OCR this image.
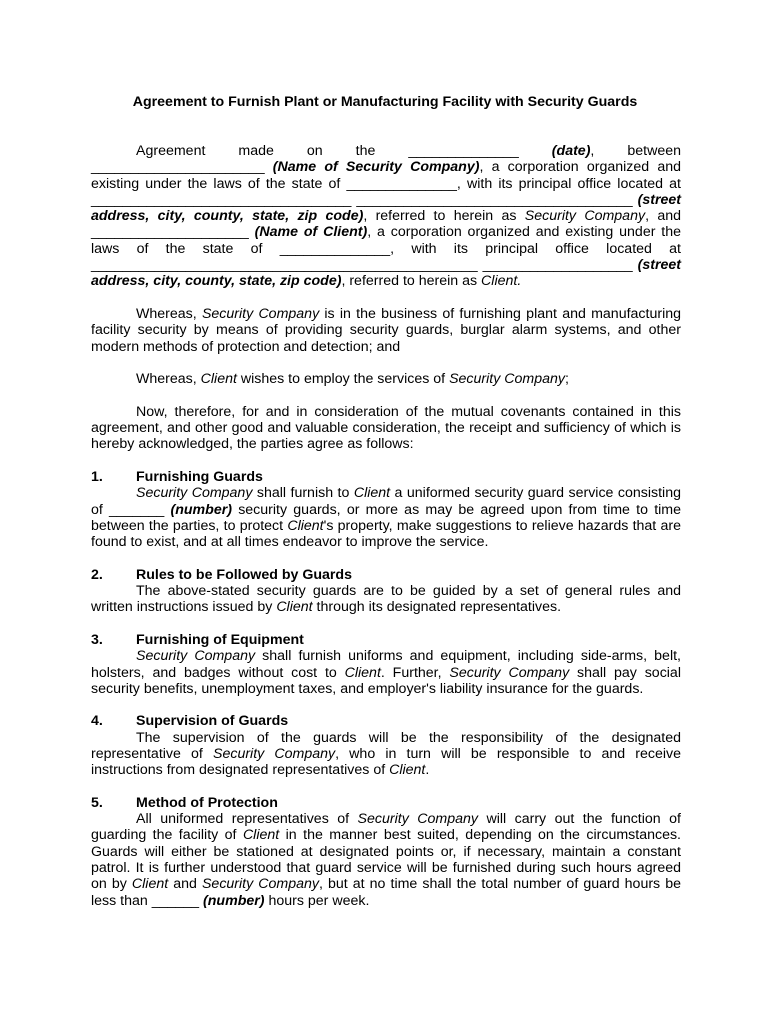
Agreement to Furnish Plant or Manufacturing Facility with Security Guards

Agreement made on the ______________ (date), between ______________________ (Name of Security Company), a corporation organized and existing under the laws of the state of ______________, with its principal office located at _________________________________ ___________________________________ (street address, city, county, state, zip code), referred to herein as Security Company, and ____________________ (Name of Client), a corporation organized and existing under the laws of the state of ______________, with its principal office located at _________________________________________________ ___________________ (street address, city, county, state, zip code), referred to herein as Client.

Whereas, Security Company is in the business of furnishing plant and manufacturing facility security by means of providing security guards, burglar alarm systems, and other modern methods of protection and detection; and

Whereas, Client wishes to employ the services of Security Company;

Now, therefore, for and in consideration of the mutual covenants contained in this agreement, and other good and valuable consideration, the receipt and sufficiency of which is hereby acknowledged, the parties agree as follows:

1. Furnishing Guards
Security Company shall furnish to Client a uniformed security guard service consisting of _______ (number) security guards, or more as may be agreed upon from time to time between the parties, to protect Client's property, make suggestions to relieve hazards that are found to exist, and at all times endeavor to improve the service.
2. Rules to be Followed by Guards
The above-stated security guards are to be guided by a set of general rules and written instructions issued by Client through its designated representatives.
3. Furnishing of Equipment
Security Company shall furnish uniforms and equipment, including side-arms, belt, holsters, and badges without cost to Client. Further, Security Company shall pay social security benefits, unemployment taxes, and employer's liability insurance for the guards.
4. Supervision of Guards
The supervision of the guards will be the responsibility of the designated representative of Security Company, who in turn will be responsible to and receive instructions from designated representatives of Client.
5. Method of Protection
All uniformed representatives of Security Company will carry out the function of guarding the facility of Client in the manner best suited, depending on the circumstances. Guards will either be stationed at designated points or, if necessary, maintain a constant patrol. It is further understood that guard service will be furnished during such hours agreed on by Client and Security Company, but at no time shall the total number of guard hours be less than ______ (number) hours per week.
